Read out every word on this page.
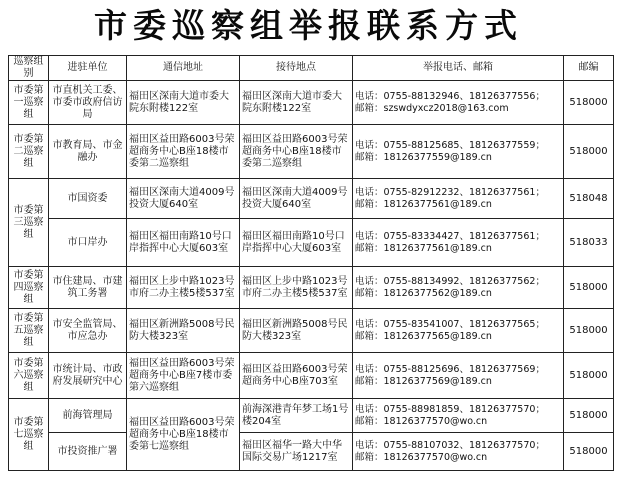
市委巡察组举报联系方式
巡察组别	进驻单位	通信地址	接待地点	举报电话、邮箱	邮编
市委第一巡察组	市直机关工委、市委市政府信访局	福田区深南大道市委大院东附楼122室	福田区深南大道市委大院东附楼122室	电话：0755-88132946、18126377556；
邮箱：szswdyxcz2018@163.com	518000
市委第二巡察组	市教育局、市金融办	福田区益田路6003号荣超商务中心B座18楼市委第二巡察组	福田区益田路6003号荣超商务中心B座18楼市委第二巡察组	电话：0755-88125685、18126377559；
邮箱：18126377559@189.cn	518000
市委第三巡察组	市国资委	福田区深南大道4009号投资大厦640室	福田区深南大道4009号投资大厦640室	电话：0755-82912232、18126377561；
邮箱：18126377561@189.cn	518048
	市口岸办	福田区福田南路10号口岸指挥中心大厦603室	福田区福田南路10号口岸指挥中心大厦603室	电话：0755-83334427、18126377561；
邮箱：18126377561@189.cn	518033
市委第四巡察组	市住建局、市建筑工务署	福田区上步中路1023号市府二办主楼5楼537室	福田区上步中路1023号市府二办主楼5楼537室	电话：0755-88134992、18126377562；
邮箱：18126377562@189.cn	518000
市委第五巡察组	市安全监管局、市应急办	福田区新洲路5008号民防大楼323室	福田区新洲路5008号民防大楼323室	电话：0755-83541007、18126377565；
邮箱：18126377565@189.cn	518000
市委第六巡察组	市统计局、市政府发展研究中心	福田区益田路6003号荣超商务中心B座7楼市委第六巡察组	福田区益田路6003号荣超商务中心B座703室	电话：0755-88125696、18126377569；
邮箱：18126377569@189.cn	518000
市委第七巡察组	前海管理局	福田区益田路6003号荣超商务中心B座18楼市委第七巡察组	前海深港青年梦工场1号楼204室	电话：0755-88981859、18126377570；
邮箱：18126377570@wo.cn	518000
	市投资推广署		福田区福华一路大中华国际交易广场1217室	电话：0755-88107032、18126377570；
邮箱：18126377570@wo.cn	518000
